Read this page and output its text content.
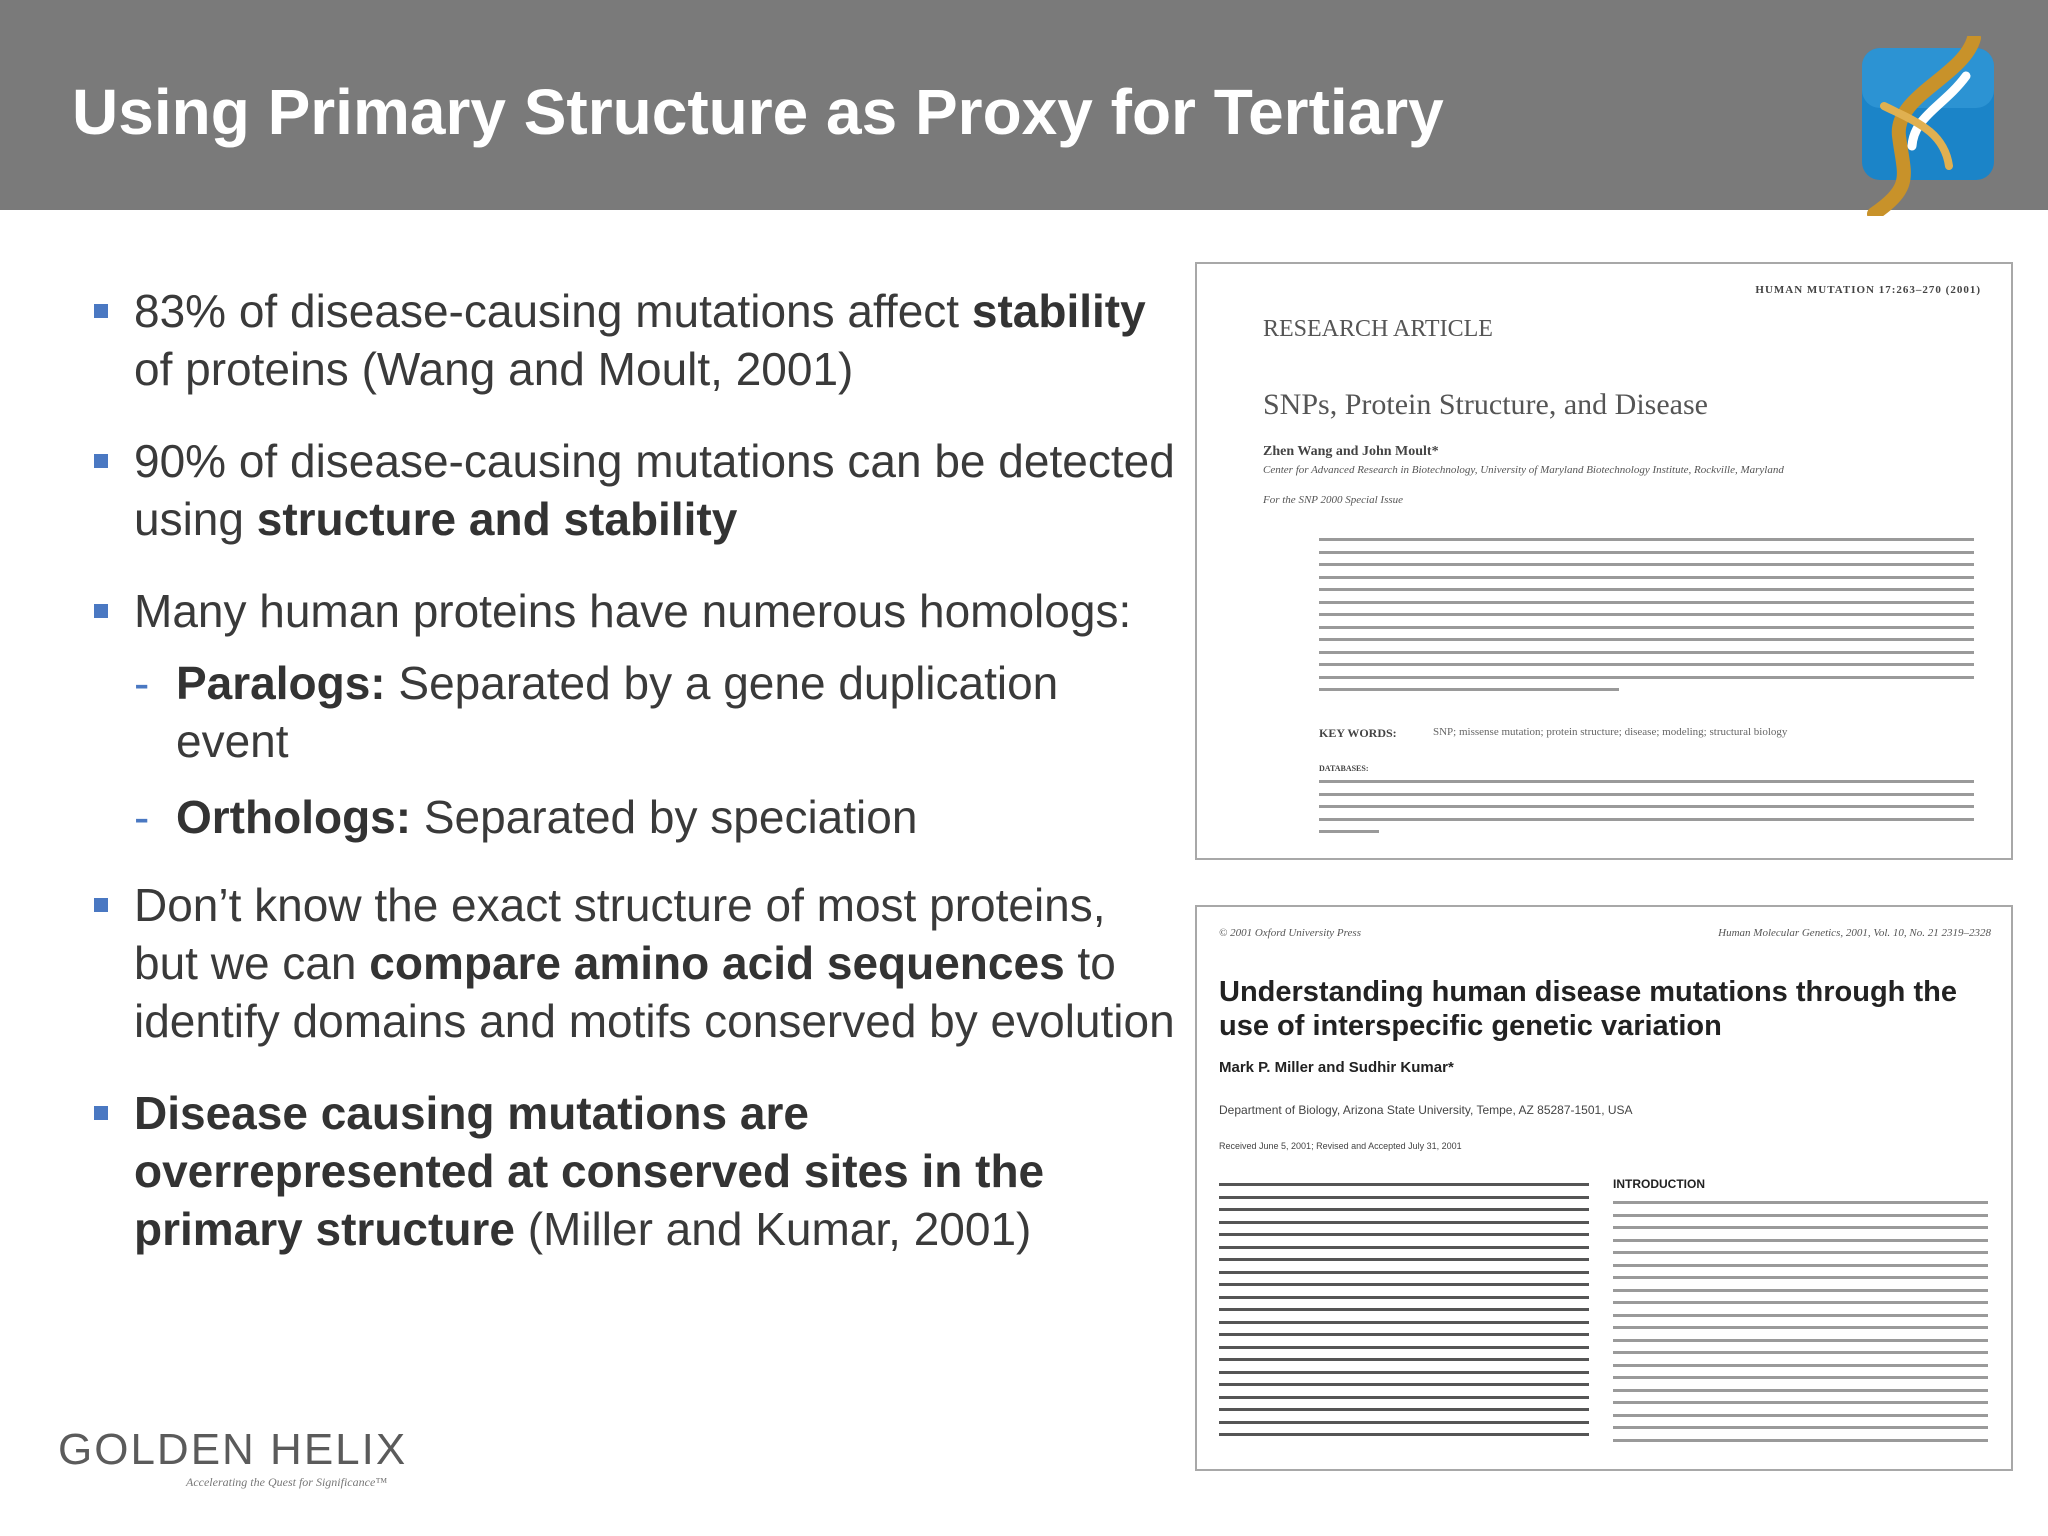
Using Primary Structure as Proxy for Tertiary
83% of disease-causing mutations affect stability of proteins (Wang and Moult, 2001)
90% of disease-causing mutations can be detected using structure and stability
Many human proteins have numerous homologs:
- Paralogs: Separated by a gene duplication event
- Orthologs: Separated by speciation
Don’t know the exact structure of most proteins, but we can compare amino acid sequences to identify domains and motifs conserved by evolution
Disease causing mutations are overrepresented at conserved sites in the primary structure (Miller and Kumar, 2001)
HUMAN MUTATION 17:263–270 (2001)
RESEARCH ARTICLE
SNPs, Protein Structure, and Disease
Zhen Wang and John Moult*
Center for Advanced Research in Biotechnology, University of Maryland Biotechnology Institute, Rockville, Maryland
For the SNP 2000 Special Issue
KEY WORDS:	SNP; missense mutation; protein structure; disease; modeling; structural biology
DATABASES:
© 2001 Oxford University Press	Human Molecular Genetics, 2001, Vol. 10, No. 21 2319–2328
Understanding human disease mutations through the use of interspecific genetic variation
Mark P. Miller and Sudhir Kumar*
Department of Biology, Arizona State University, Tempe, AZ 85287-1501, USA
Received June 5, 2001; Revised and Accepted July 31, 2001
INTRODUCTION
GOLDEN HELIX
Accelerating the Quest for Significance™
